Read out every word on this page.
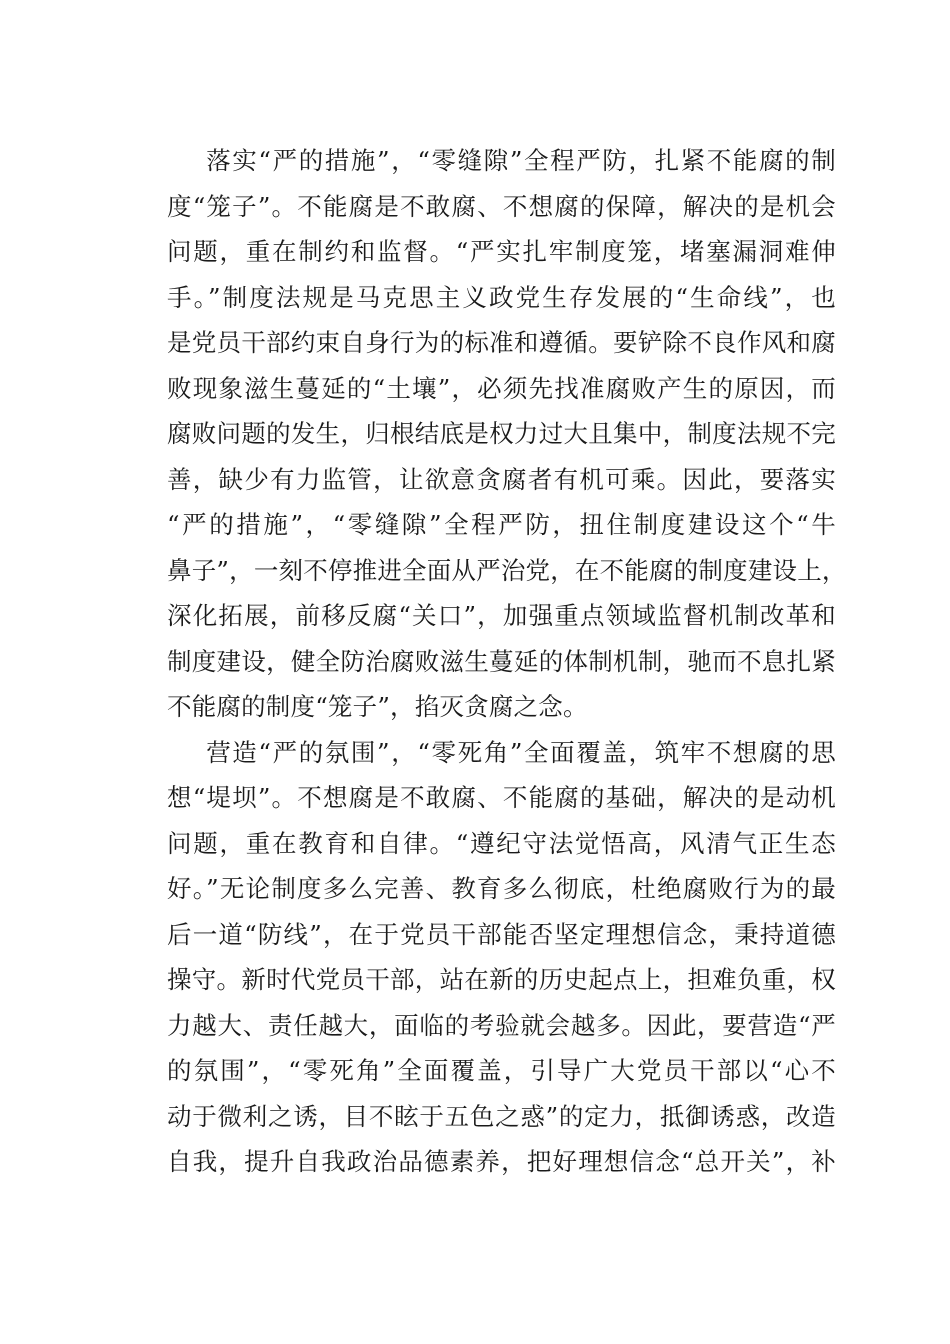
落实“严的措施”，“零缝隙”全程严防，扎紧不能腐的制
度“笼子”。不能腐是不敢腐、不想腐的保障，解决的是机会
问题，重在制约和监督。“严实扎牢制度笼，堵塞漏洞难伸
手。”制度法规是马克思主义政党生存发展的“生命线”，也
是党员干部约束自身行为的标准和遵循。要铲除不良作风和腐
败现象滋生蔓延的“土壤”，必须先找准腐败产生的原因，而
腐败问题的发生，归根结底是权力过大且集中，制度法规不完
善，缺少有力监管，让欲意贪腐者有机可乘。因此，要落实
“严的措施”，“零缝隙”全程严防，扭住制度建设这个“牛
鼻子”，一刻不停推进全面从严治党，在不能腐的制度建设上，
深化拓展，前移反腐“关口”，加强重点领域监督机制改革和
制度建设，健全防治腐败滋生蔓延的体制机制，驰而不息扎紧
不能腐的制度“笼子”，掐灭贪腐之念。
营造“严的氛围”，“零死角”全面覆盖，筑牢不想腐的思
想“堤坝”。不想腐是不敢腐、不能腐的基础，解决的是动机
问题，重在教育和自律。“遵纪守法觉悟高，风清气正生态
好。”无论制度多么完善、教育多么彻底，杜绝腐败行为的最
后一道“防线”，在于党员干部能否坚定理想信念，秉持道德
操守。新时代党员干部，站在新的历史起点上，担难负重，权
力越大、责任越大，面临的考验就会越多。因此，要营造“严
的氛围”，“零死角”全面覆盖，引导广大党员干部以“心不
动于微利之诱，目不眩于五色之惑”的定力，抵御诱惑，改造
自我，提升自我政治品德素养，把好理想信念“总开关”，补
